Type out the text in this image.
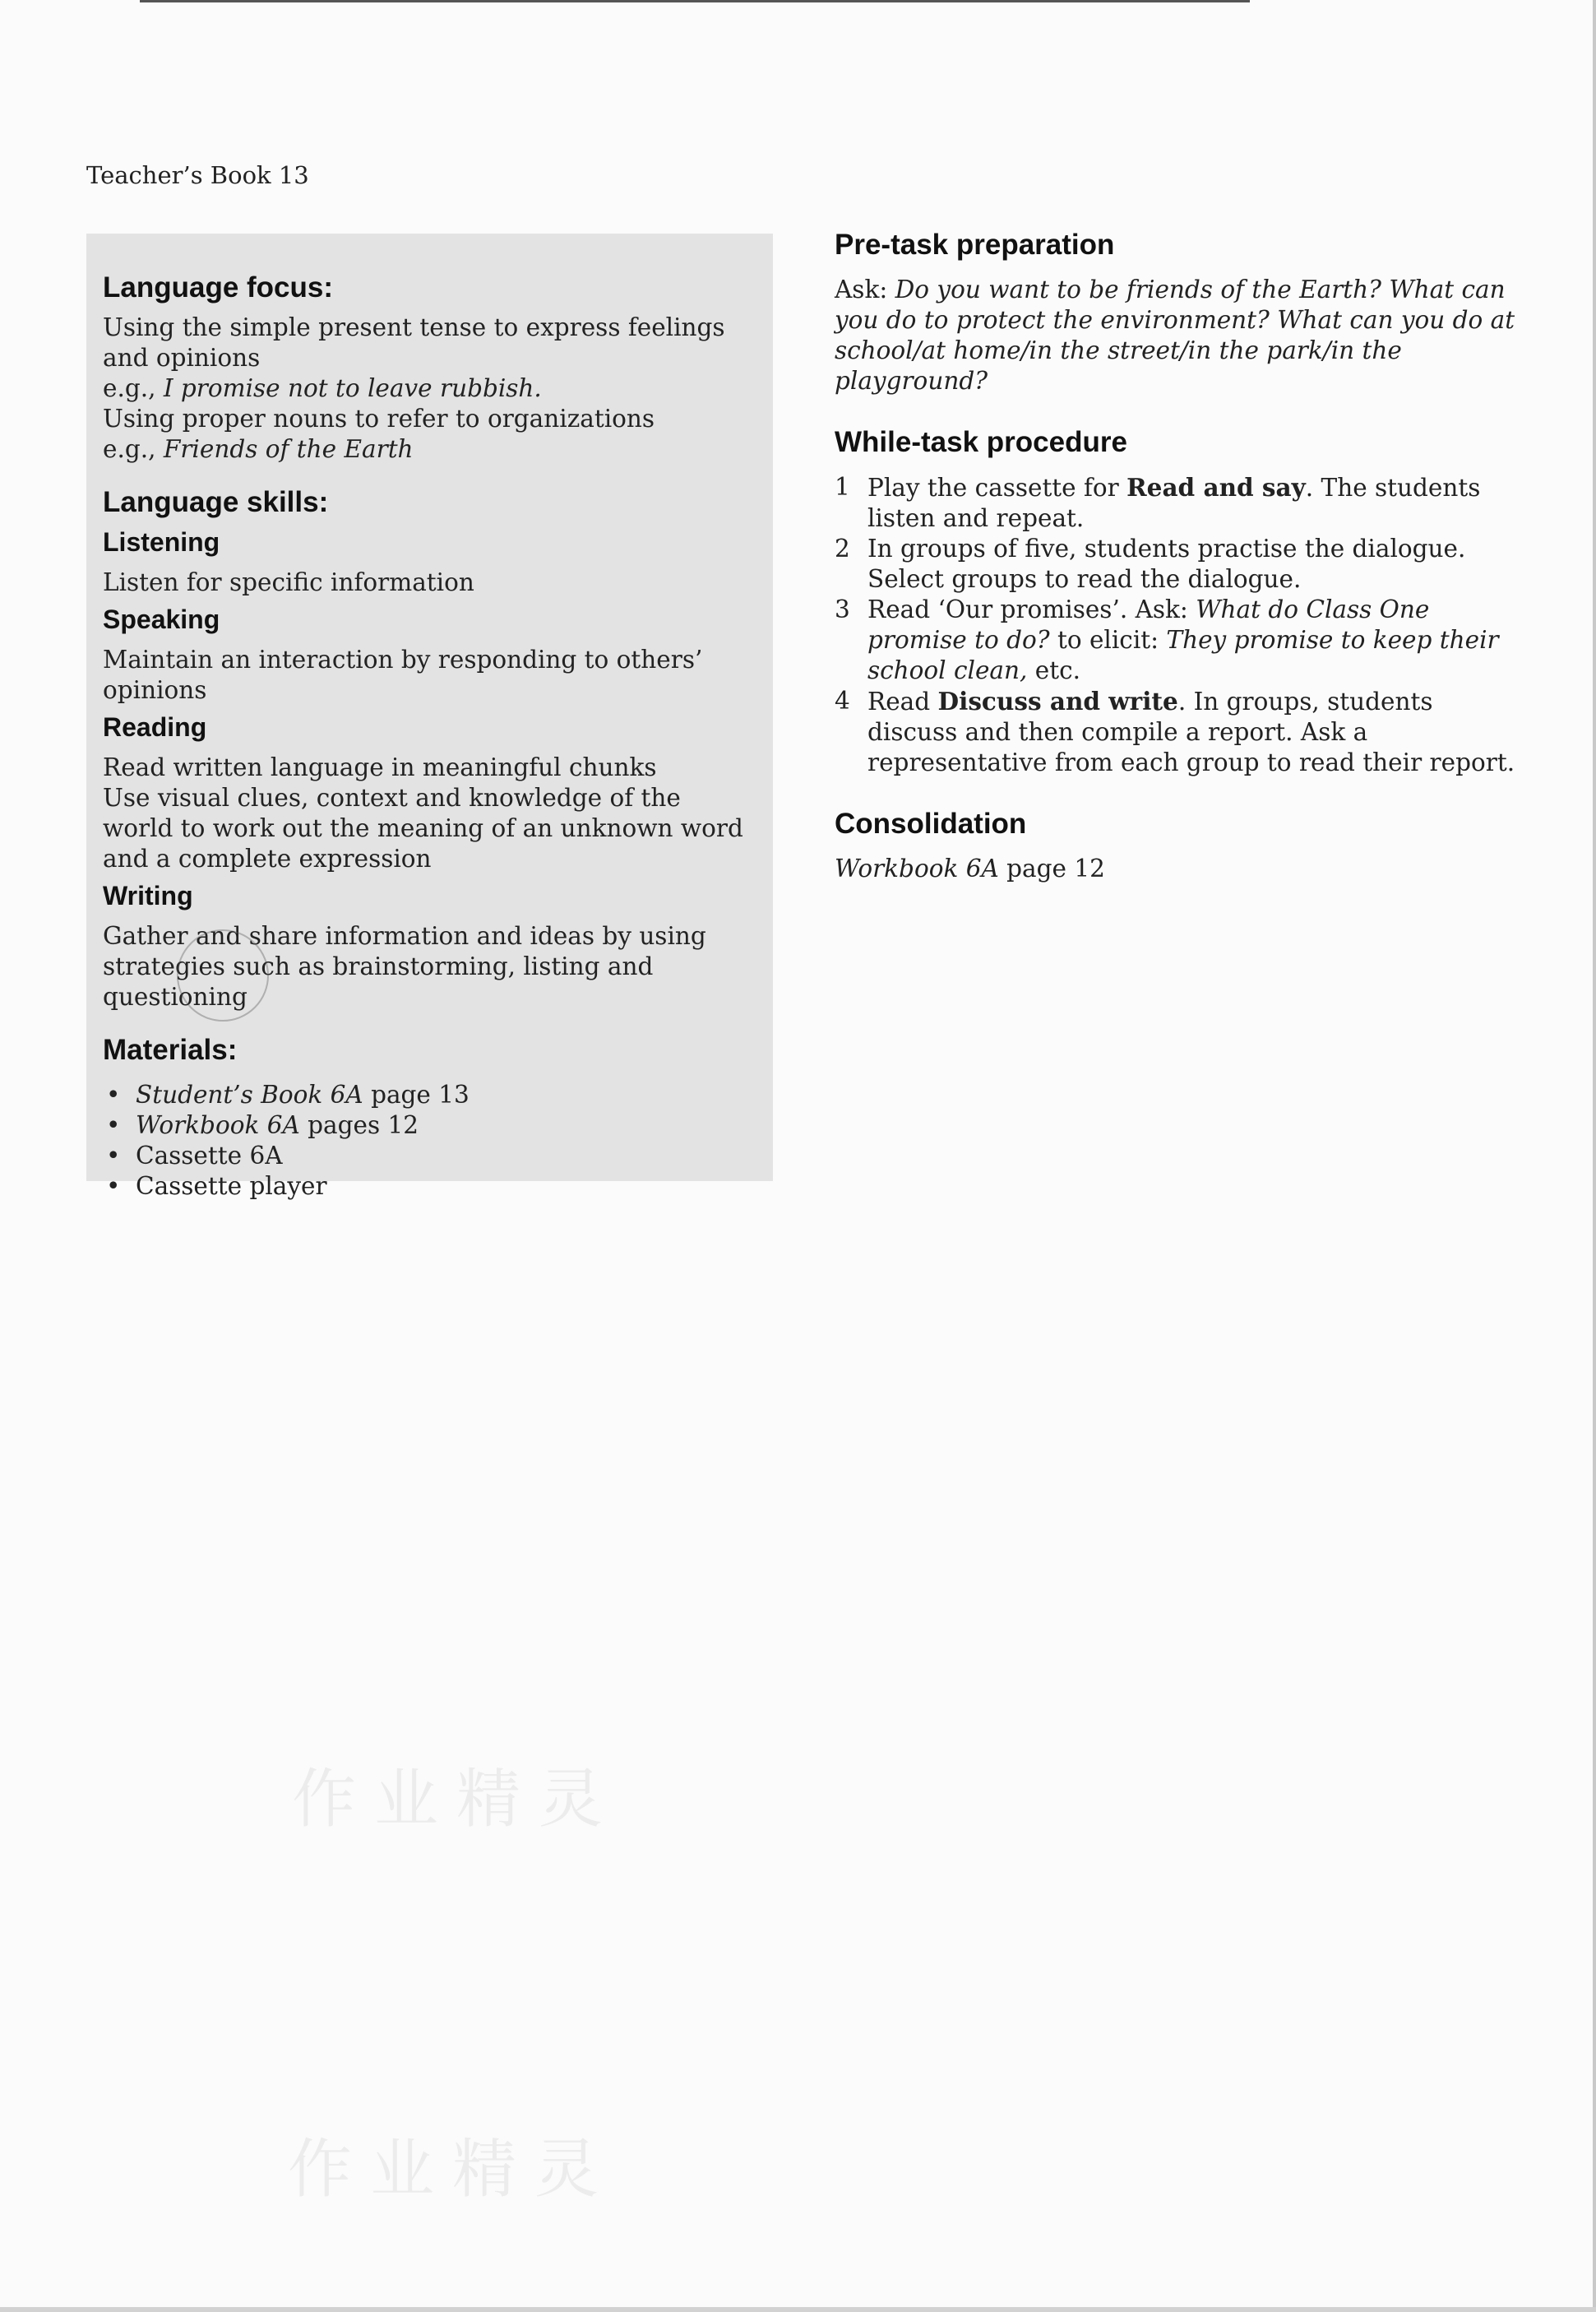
Teacher’s Book 13
Language focus:

Using the simple present tense to express feelings and opinions

e.g., I promise not to leave rubbish.

Using proper nouns to refer to organizations

e.g., Friends of the Earth

Language skills:
Listening

Listen for specific information

Speaking

Maintain an interaction by responding to others’ opinions

Reading

Read written language in meaningful chunks

Use visual clues, context and knowledge of the world to work out the meaning of an unknown word and a complete expression

Writing

Gather and share information and ideas by using strategies such as brainstorming, listing and questioning

Materials:
• Student’s Book 6A page 13
• Workbook 6A pages 12
• Cassette 6A
• Cassette player
Pre-task preparation

Ask: Do you want to be friends of the Earth? What can you do to protect the environment? What can you do at school/at home/in the street/in the park/in the playground?

While-task procedure
1 Play the cassette for Read and say. The students listen and repeat.
2 In groups of five, students practise the dialogue. Select groups to read the dialogue.
3 Read ‘Our promises’. Ask: What do Class One promise to do? to elicit: They promise to keep their school clean, etc.
4 Read Discuss and write. In groups, students discuss and then compile a report. Ask a representative from each group to read their report.
Consolidation

Workbook 6A page 12

作业精灵
作业精灵
